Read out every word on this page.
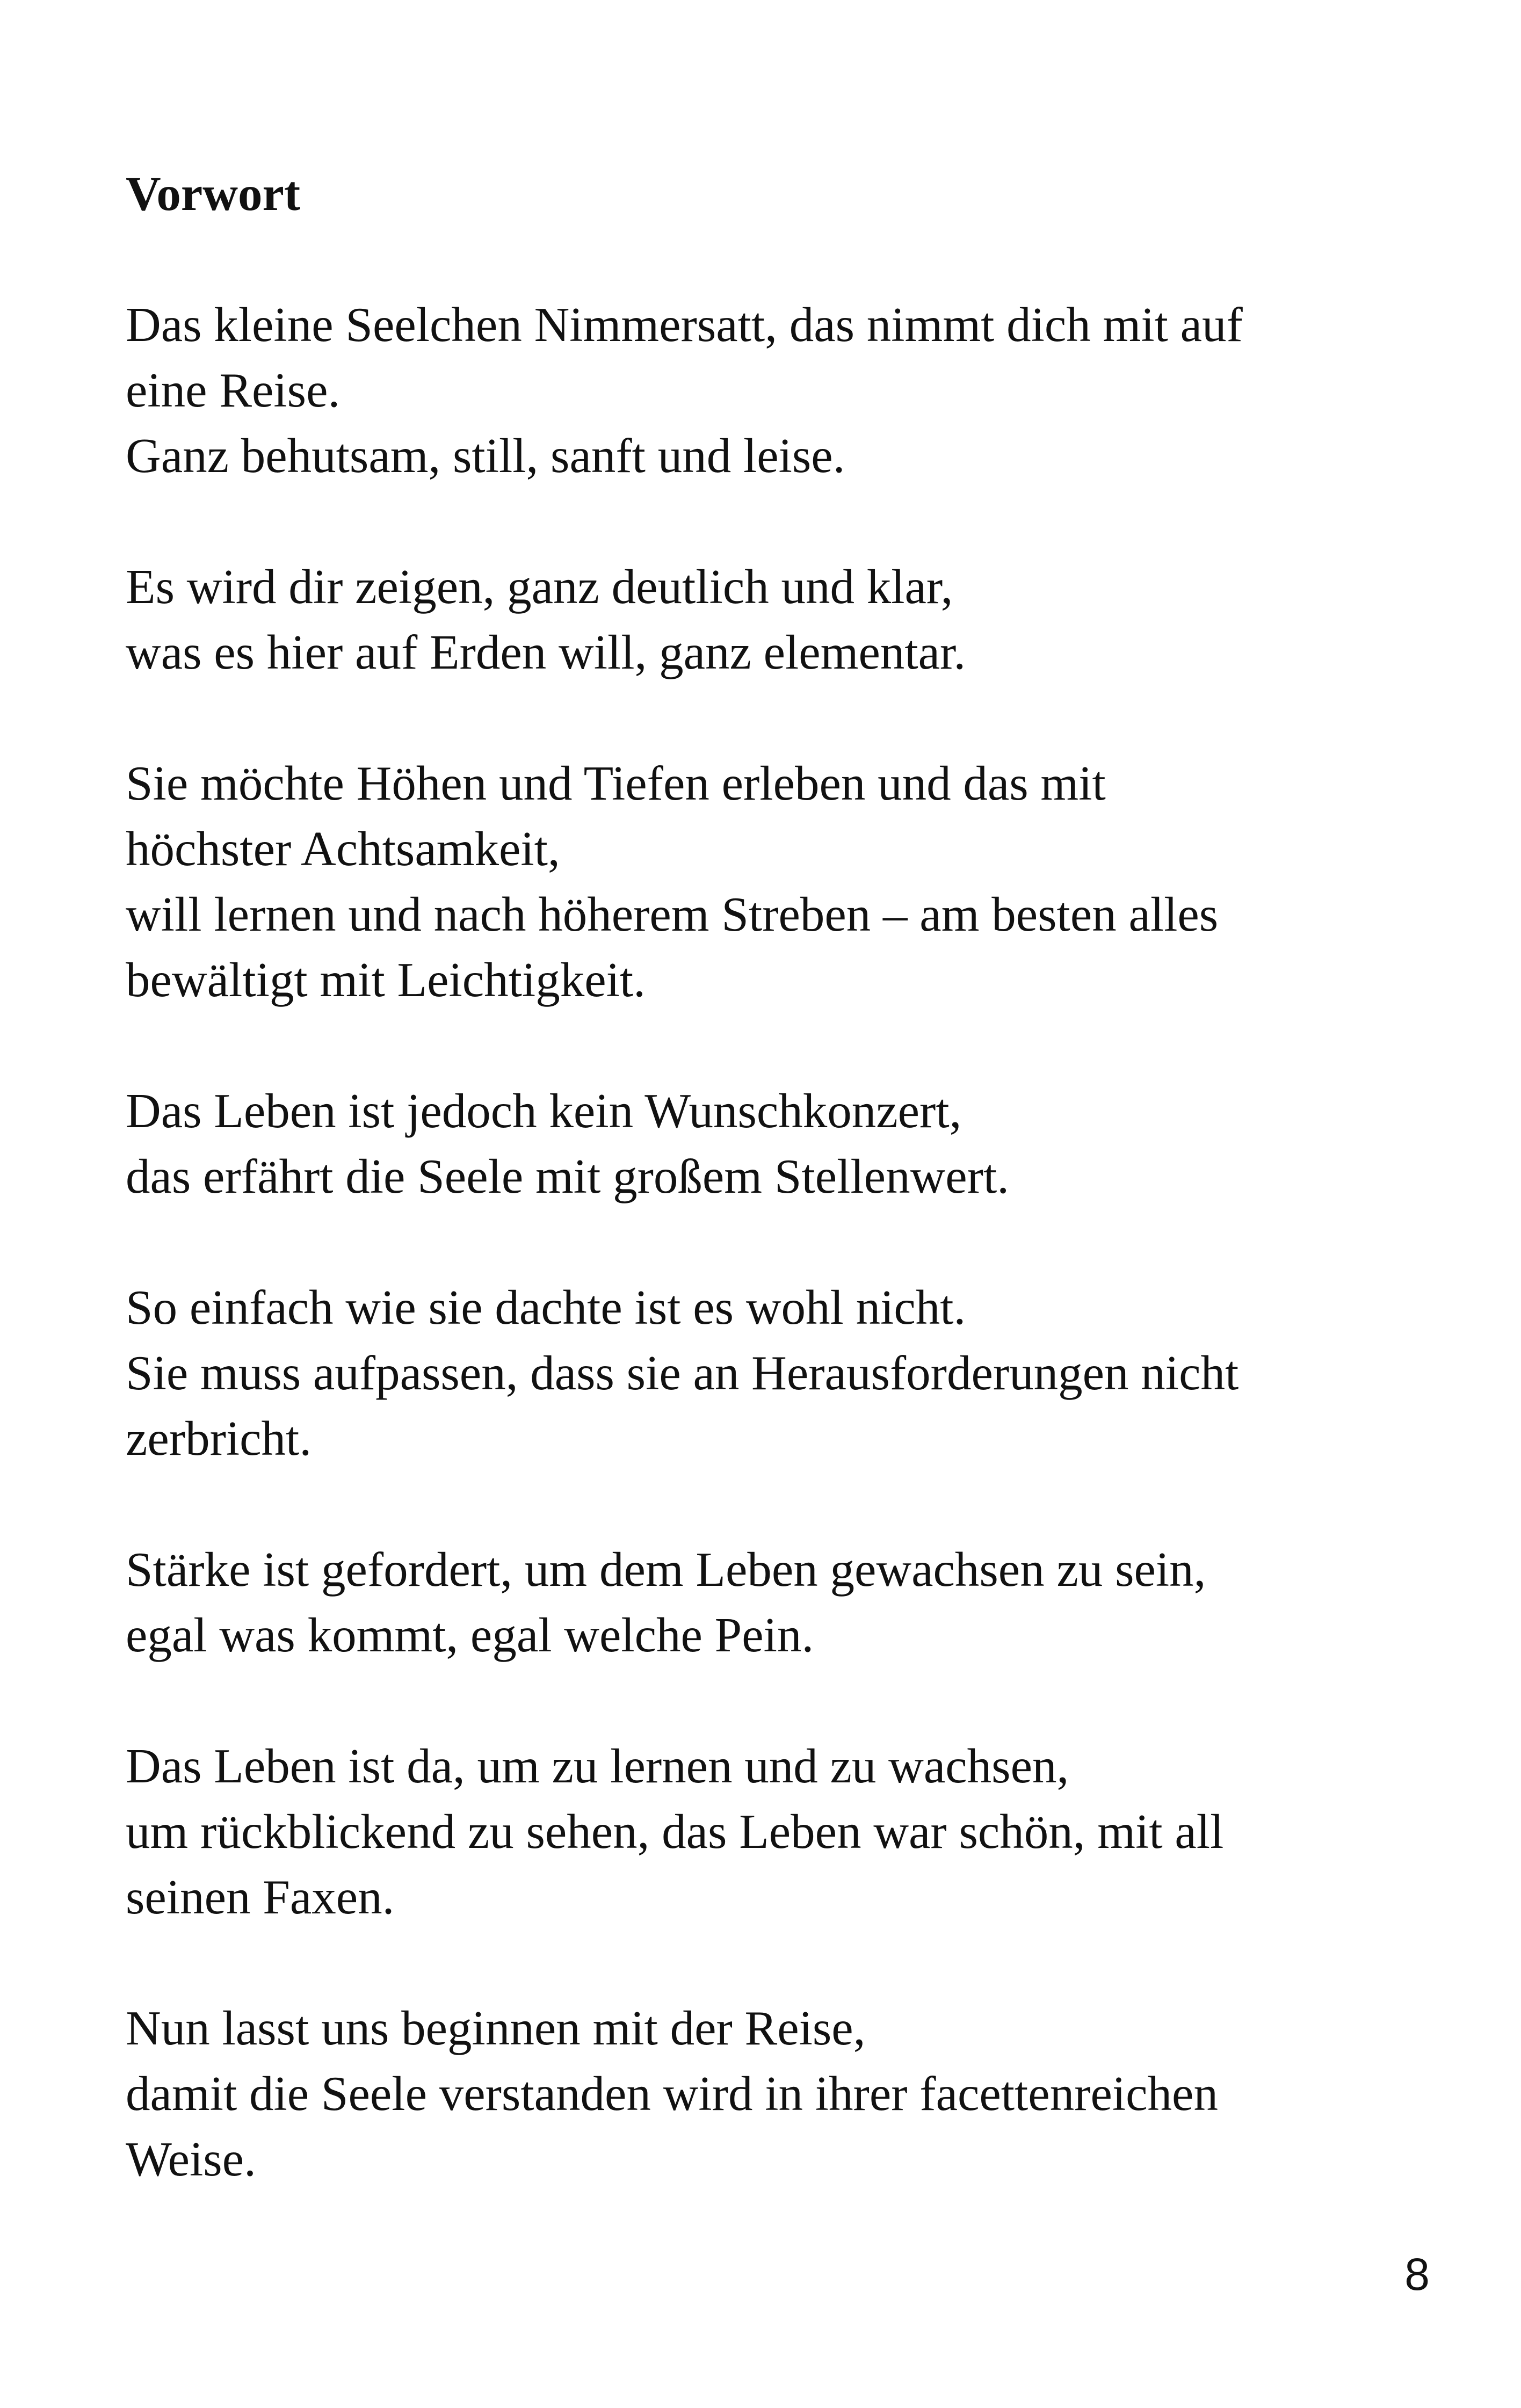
Vorwort
Das kleine Seelchen Nimmersatt, das nimmt dich mit auf
eine Reise.
Ganz behutsam, still, sanft und leise.
Es wird dir zeigen, ganz deutlich und klar,
was es hier auf Erden will, ganz elementar.
Sie möchte Höhen und Tiefen erleben und das mit
höchster Achtsamkeit,
will lernen und nach höherem Streben – am besten alles
bewältigt mit Leichtigkeit.
Das Leben ist jedoch kein Wunschkonzert,
das erfährt die Seele mit großem Stellenwert.
So einfach wie sie dachte ist es wohl nicht.
Sie muss aufpassen, dass sie an Herausforderungen nicht
zerbricht.
Stärke ist gefordert, um dem Leben gewachsen zu sein,
egal was kommt, egal welche Pein.
Das Leben ist da, um zu lernen und zu wachsen,
um rückblickend zu sehen, das Leben war schön, mit all
seinen Faxen.
Nun lasst uns beginnen mit der Reise,
damit die Seele verstanden wird in ihrer facettenreichen
Weise.
8
